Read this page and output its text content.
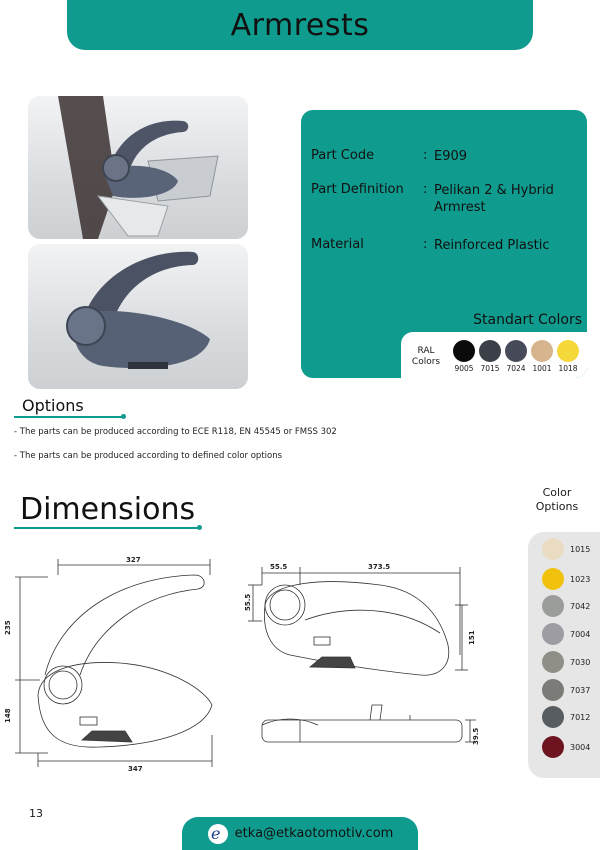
Armrests
Part Code	: E909
Part Definition	: Pelikan 2 & Hybrid Armrest
Material	: Reinforced Plastic
Standart Colors
RAL Colors
9005 7015 7024 1001 1018
Options
- The parts can be produced according to ECE R118, EN 45545 or FMSS 302
- The parts can be produced according to defined color options
Dimensions	Color Options
1015
1023
7042
7004
7030
7037
7012
3004
327
235
148
347
55.5	373.5
55.5
151
39.5
13
e etka@etkaotomotiv.com
